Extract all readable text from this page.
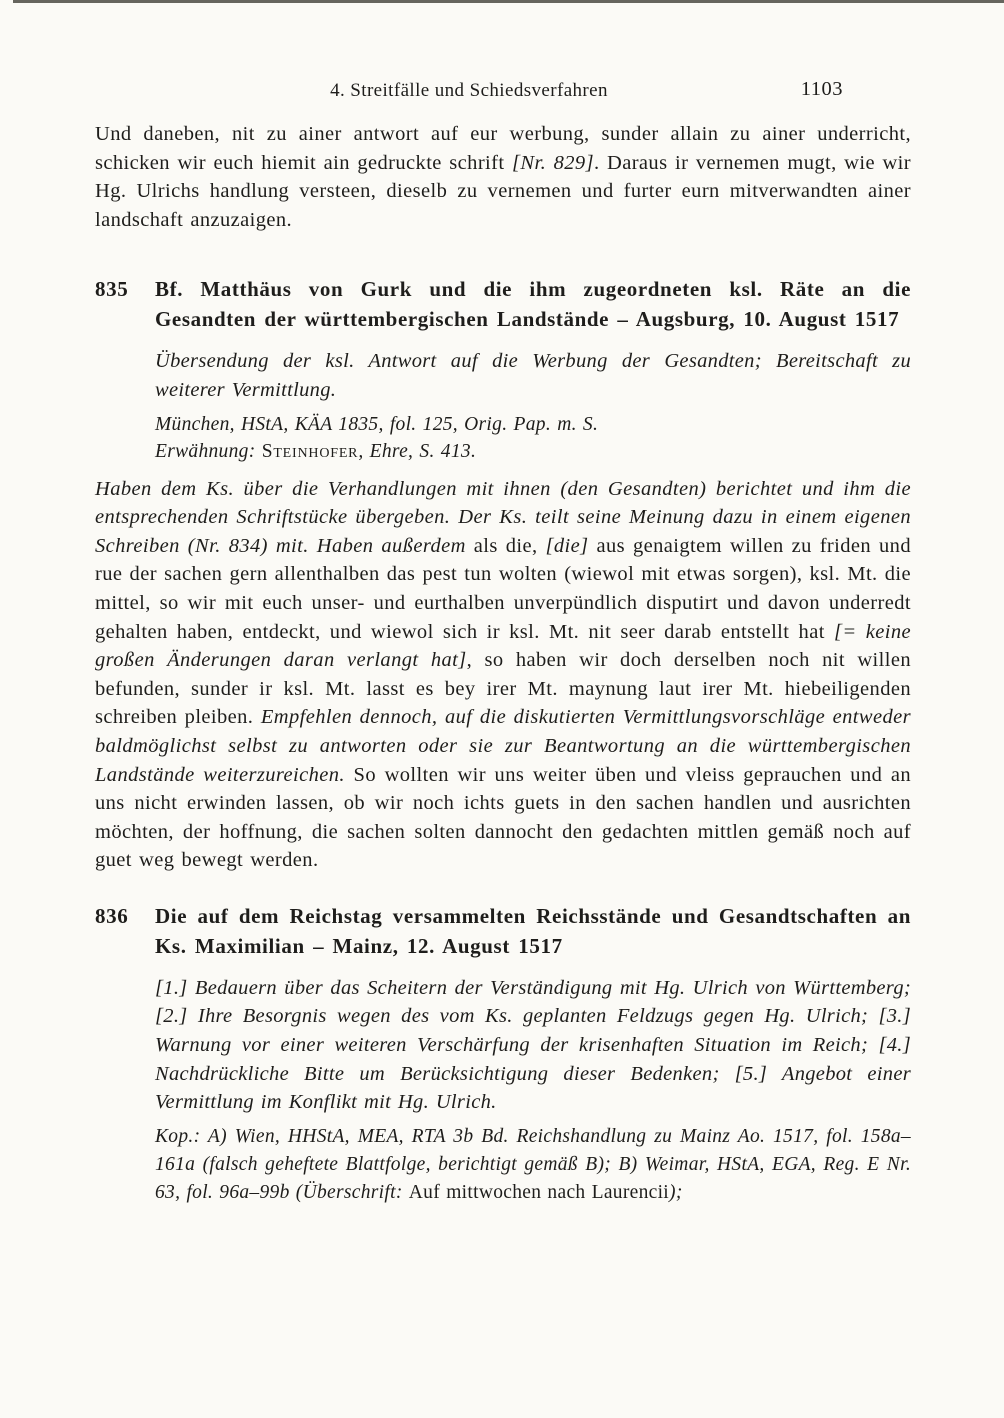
4. Streitfälle und Schiedsverfahren	1103

Und daneben, nit zu ainer antwort auf eur werbung, sunder allain zu ainer underricht, schicken wir euch hiemit ain gedruckte schrift [Nr. 829]. Daraus ir vernemen mugt, wie wir Hg. Ulrichs handlung versteen, dieselb zu vernemen und furter eurn mitverwandten ainer landschaft anzuzaigen.

835	Bf. Matthäus von Gurk und die ihm zugeordneten ksl. Räte an die Gesandten der württembergischen Landstände – Augsburg, 10. August 1517

Übersendung der ksl. Antwort auf die Werbung der Gesandten; Bereitschaft zu weiterer Vermittlung.

München, HStA, KÄA 1835, fol. 125, Orig. Pap. m. S.

Erwähnung: Steinhofer, Ehre, S. 413.

Haben dem Ks. über die Verhandlungen mit ihnen (den Gesandten) berichtet und ihm die entsprechenden Schriftstücke übergeben. Der Ks. teilt seine Meinung dazu in einem eigenen Schreiben (Nr. 834) mit. Haben außerdem als die, [die] aus genaigtem willen zu friden und rue der sachen gern allenthalben das pest tun wolten (wiewol mit etwas sorgen), ksl. Mt. die mittel, so wir mit euch unser- und eurthalben unverpündlich disputirt und davon underredt gehalten haben, entdeckt, und wiewol sich ir ksl. Mt. nit seer darab entstellt hat [= keine großen Änderungen daran verlangt hat], so haben wir doch derselben noch nit willen befunden, sunder ir ksl. Mt. lasst es bey irer Mt. maynung laut irer Mt. hiebeiligenden schreiben pleiben. Empfehlen dennoch, auf die diskutierten Vermittlungsvorschläge entweder baldmöglichst selbst zu antworten oder sie zur Beantwortung an die württembergischen Landstände weiterzureichen. So wollten wir uns weiter üben und vleiss geprauchen und an uns nicht erwinden lassen, ob wir noch ichts guets in den sachen handlen und ausrichten möchten, der hoffnung, die sachen solten dannocht den gedachten mittlen gemäß noch auf guet weg bewegt werden.

836	Die auf dem Reichstag versammelten Reichsstände und Gesandtschaften an Ks. Maximilian – Mainz, 12. August 1517

[1.] Bedauern über das Scheitern der Verständigung mit Hg. Ulrich von Württemberg; [2.] Ihre Besorgnis wegen des vom Ks. geplanten Feldzugs gegen Hg. Ulrich; [3.] Warnung vor einer weiteren Verschärfung der krisenhaften Situation im Reich; [4.] Nachdrückliche Bitte um Berücksichtigung dieser Bedenken; [5.] Angebot einer Vermittlung im Konflikt mit Hg. Ulrich.

Kop.: A) Wien, HHStA, MEA, RTA 3b Bd. Reichshandlung zu Mainz Ao. 1517, fol. 158a–161a (falsch geheftete Blattfolge, berichtigt gemäß B); B) Weimar, HStA, EGA, Reg. E Nr. 63, fol. 96a–99b (Überschrift: Auf mittwochen nach Laurencii);
